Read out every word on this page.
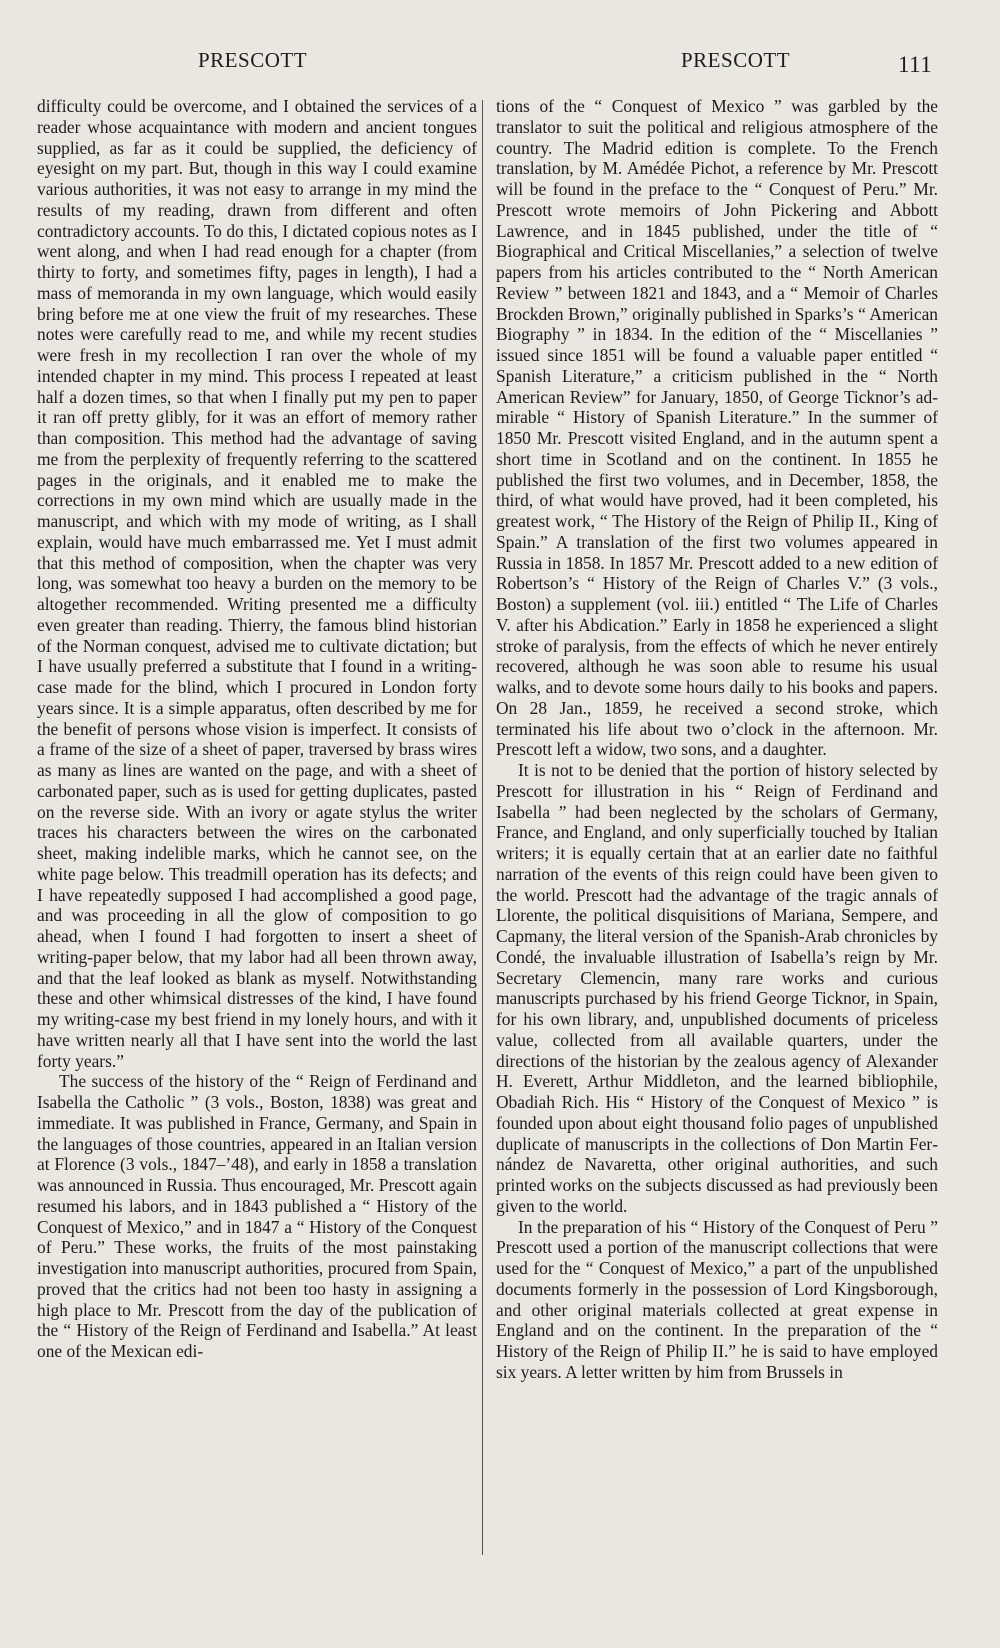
PRESCOTT	PRESCOTT	111

difficulty could be overcome, and I obtained the services of a reader whose acquaintance with modern and ancient tongues supplied, as far as it could be supplied, the deficiency of eyesight on my part. But, though in this way I could examine various authorities, it was not easy to arrange in my mind the results of my reading, drawn from different and often contradictory accounts. To do this, I dictated copious notes as I went along, and when I had read enough for a chapter (from thirty to forty, and sometimes fifty, pages in length), I had a mass of memoranda in my own language, which would easily bring before me at one view the fruit of my researches. These notes were carefully read to me, and while my recent studies were fresh in my recollection I ran over the whole of my intended chapter in my mind. This process I repeated at least half a dozen times, so that when I finally put my pen to paper it ran off pretty glibly, for it was an effort of memory rather than composition. This method had the advantage of saving me from the perplexity of frequently referring to the scattered pages in the originals, and it enabled me to make the corrections in my own mind which are usually made in the manuscript, and which with my mode of writing, as I shall explain, would have much embarrassed me. Yet I must admit that this method of composition, when the chapter was very long, was somewhat too heavy a burden on the memory to be altogether recommended. Writing presented me a difficulty even greater than reading. Thierry, the famous blind historian of the Norman conquest, advised me to cultivate dictation; but I have usually preferred a substitute that I found in a writing-case made for the blind, which I procured in London forty years since. It is a simple apparatus, often described by me for the benefit of persons whose vision is imperfect. It consists of a frame of the size of a sheet of paper, traversed by brass wires as many as lines are wanted on the page, and with a sheet of carbonated paper, such as is used for getting duplicates, pasted on the reverse side. With an ivory or agate stylus the writer traces his characters between the wires on the carbonated sheet, making indelible marks, which he cannot see, on the white page below. This treadmill operation has its defects; and I have repeatedly supposed I had accomplished a good page, and was proceeding in all the glow of composition to go ahead, when I found I had forgotten to insert a sheet of writing-paper below, that my labor had all been thrown away, and that the leaf looked as blank as myself. Notwithstanding these and other whimsical distresses of the kind, I have found my writing-case my best friend in my lonely hours, and with it have written nearly all that I have sent into the world the last forty years.”

The success of the history of the “ Reign of Ferdinand and Isabella the Catholic ” (3 vols., Boston, 1838) was great and immediate. It was published in France, Germany, and Spain in the languages of those countries, appeared in an Italian version at Florence (3 vols., 1847–’48), and early in 1858 a translation was announced in Russia. Thus encouraged, Mr. Prescott again resumed his labors, and in 1843 published a “ History of the Conquest of Mexico,” and in 1847 a “ History of the Conquest of Peru.” These works, the fruits of the most painstaking investigation into manuscript authorities, procured from Spain, proved that the critics had not been too hasty in assigning a high place to Mr. Prescott from the day of the publication of the “ History of the Reign of Ferdinand and Isabella.” At least one of the Mexican edi-

tions of the “ Conquest of Mexico ” was garbled by the translator to suit the political and religious atmosphere of the country. The Madrid edition is complete. To the French translation, by M. Amédée Pichot, a reference by Mr. Prescott will be found in the preface to the “ Conquest of Peru.” Mr. Prescott wrote memoirs of John Pickering and Abbott Lawrence, and in 1845 published, under the title of “ Biographical and Critical Miscellanies,” a selection of twelve papers from his articles contributed to the “ North American Review ” between 1821 and 1843, and a “ Memoir of Charles Brockden Brown,” originally published in Sparks’s “ American Biography ” in 1834. In the edition of the “ Miscellanies ” issued since 1851 will be found a valuable paper entitled “ Spanish Literature,” a criticism published in the “ North American Review” for January, 1850, of George Ticknor’s admirable “ History of Spanish Literature.” In the summer of 1850 Mr. Prescott visited England, and in the autumn spent a short time in Scotland and on the continent. In 1855 he published the first two volumes, and in December, 1858, the third, of what would have proved, had it been completed, his greatest work, “ The History of the Reign of Philip II., King of Spain.” A translation of the first two volumes appeared in Russia in 1858. In 1857 Mr. Prescott added to a new edition of Robertson’s “ History of the Reign of Charles V.” (3 vols., Boston) a supplement (vol. iii.) entitled “ The Life of Charles V. after his Abdication.” Early in 1858 he experienced a slight stroke of paralysis, from the effects of which he never entirely recovered, although he was soon able to resume his usual walks, and to devote some hours daily to his books and papers. On 28 Jan., 1859, he received a second stroke, which terminated his life about two o’clock in the afternoon. Mr. Prescott left a widow, two sons, and a daughter.

It is not to be denied that the portion of history selected by Prescott for illustration in his “ Reign of Ferdinand and Isabella ” had been neglected by the scholars of Germany, France, and England, and only superficially touched by Italian writers; it is equally certain that at an earlier date no faithful narration of the events of this reign could have been given to the world. Prescott had the advantage of the tragic annals of Llorente, the political disquisitions of Mariana, Sempere, and Capmany, the literal version of the Spanish-Arab chronicles by Condé, the invaluable illustration of Isabella’s reign by Mr. Secretary Clemencin, many rare works and curious manuscripts purchased by his friend George Ticknor, in Spain, for his own library, and, unpublished documents of priceless value, collected from all available quarters, under the directions of the historian by the zealous agency of Alexander H. Everett, Arthur Middleton, and the learned bibliophile, Obadiah Rich. His “ History of the Conquest of Mexico ” is founded upon about eight thousand folio pages of unpublished duplicate of manuscripts in the collections of Don Martin Fernández de Navaretta, other original authorities, and such printed works on the subjects discussed as had previously been given to the world.

In the preparation of his “ History of the Conquest of Peru ” Prescott used a portion of the manuscript collections that were used for the “ Conquest of Mexico,” a part of the unpublished documents formerly in the possession of Lord Kingsborough, and other original materials collected at great expense in England and on the continent. In the preparation of the “ History of the Reign of Philip II.” he is said to have employed six years. A letter written by him from Brussels in
